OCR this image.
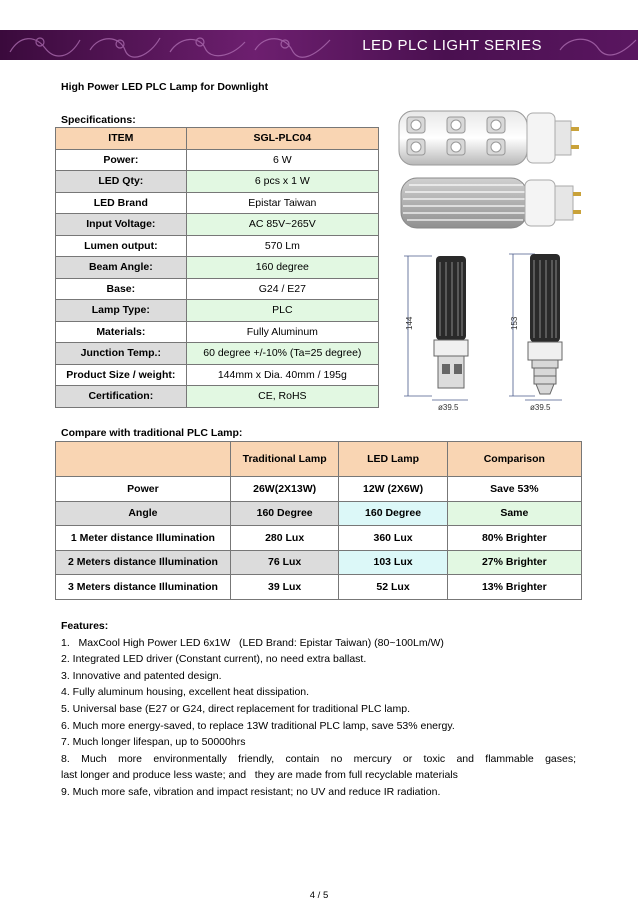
LED PLC LIGHT SERIES
High Power LED PLC Lamp for Downlight
Specifications:
ITEM	SGL-PLC04
Power:	6 W
LED Qty:	6 pcs x 1 W
LED Brand	Epistar Taiwan
Input Voltage:	AC 85V~265V
Lumen output:	570 Lm
Beam Angle:	160 degree
Base:	G24 / E27
Lamp Type:	PLC
Materials:	Fully Aluminum
Junction Temp.:	60 degree +/-10% (Ta=25 degree)
Product Size / weight:	144mm x Dia. 40mm / 195g
Certification:	CE, RoHS
144	153
ø39.5	ø39.5
Compare with traditional PLC Lamp:
	Traditional Lamp	LED Lamp	Comparison
Power	26W(2X13W)	12W (2X6W)	Save 53%
Angle	160 Degree	160 Degree	Same
1 Meter distance Illumination	280 Lux	360 Lux	80% Brighter
2 Meters distance Illumination	76 Lux	103 Lux	27% Brighter
3 Meters distance Illumination	39 Lux	52 Lux	13% Brighter
Features:
1.   MaxCool High Power LED 6x1W   (LED Brand: Epistar Taiwan) (80~100Lm/W)
2. Integrated LED driver (Constant current), no need extra ballast.
3. Innovative and patented design.
4. Fully aluminum housing, excellent heat dissipation.
5. Universal base (E27 or G24, direct replacement for traditional PLC lamp.
6. Much more energy-saved, to replace 13W traditional PLC lamp, save 53% energy.
7. Much longer lifespan, up to 50000hrs
8. Much more environmentally friendly, contain no mercury or toxic and flammable gases;
last longer and produce less waste; and   they are made from full recyclable materials
9. Much more safe, vibration and impact resistant; no UV and reduce IR radiation.
4 / 5
